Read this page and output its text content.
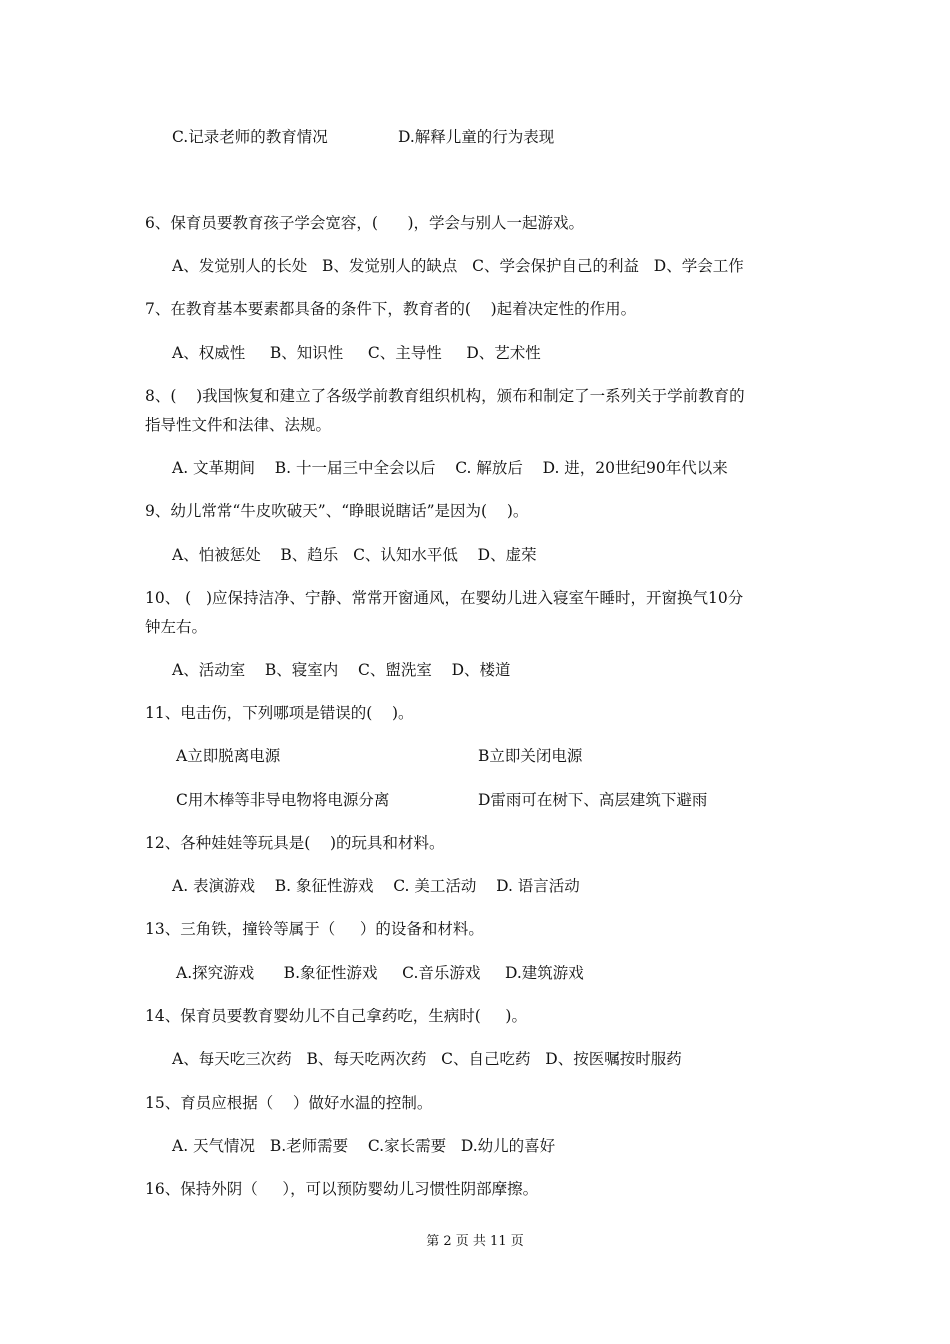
C.记录老师的教育情况	D.解释儿童的行为表现
6、保育员要教育孩子学会宽容，(      )，学会与别人一起游戏。
A、发觉别人的长处   B、发觉别人的缺点   C、学会保护自己的利益   D、学会工作
7、在教育基本要素都具备的条件下，教育者的(    )起着决定性的作用。
A、权威性     B、知识性     C、主导性     D、艺术性
8、(    )我国恢复和建立了各级学前教育组织机构，颁布和制定了一系列关于学前教育的
指导性文件和法律、法规。
A. 文革期间    B. 十一届三中全会以后    C. 解放后    D. 进，20世纪90年代以来
9、幼儿常常“牛皮吹破天”、“睁眼说瞎话”是因为(    )。
A、怕被惩处    B、趋乐   C、认知水平低    D、虚荣
10、 (   )应保持洁净、宁静、常常开窗通风，在婴幼儿进入寝室午睡时，开窗换气10分
钟左右。
A、活动室    B、寝室内    C、盥洗室    D、楼道
11、电击伤，下列哪项是错误的(    )。
A立即脱离电源	B立即关闭电源
C用木棒等非导电物将电源分离	D雷雨可在树下、高层建筑下避雨
12、各种娃娃等玩具是(    )的玩具和材料。
A. 表演游戏    B. 象征性游戏    C. 美工活动    D. 语言活动
13、三角铁，撞铃等属于（     ）的设备和材料。
A.探究游戏      B.象征性游戏     C.音乐游戏     D.建筑游戏
14、保育员要教育婴幼儿不自己拿药吃，生病时(     )。
A、每天吃三次药   B、每天吃两次药   C、自己吃药   D、按医嘱按时服药
15、育员应根据（    ）做好水温的控制。
A. 天气情况   B.老师需要    C.家长需要   D.幼儿的喜好
16、保持外阴（     ），可以预防婴幼儿习惯性阴部摩擦。
第 2 页 共 11 页
